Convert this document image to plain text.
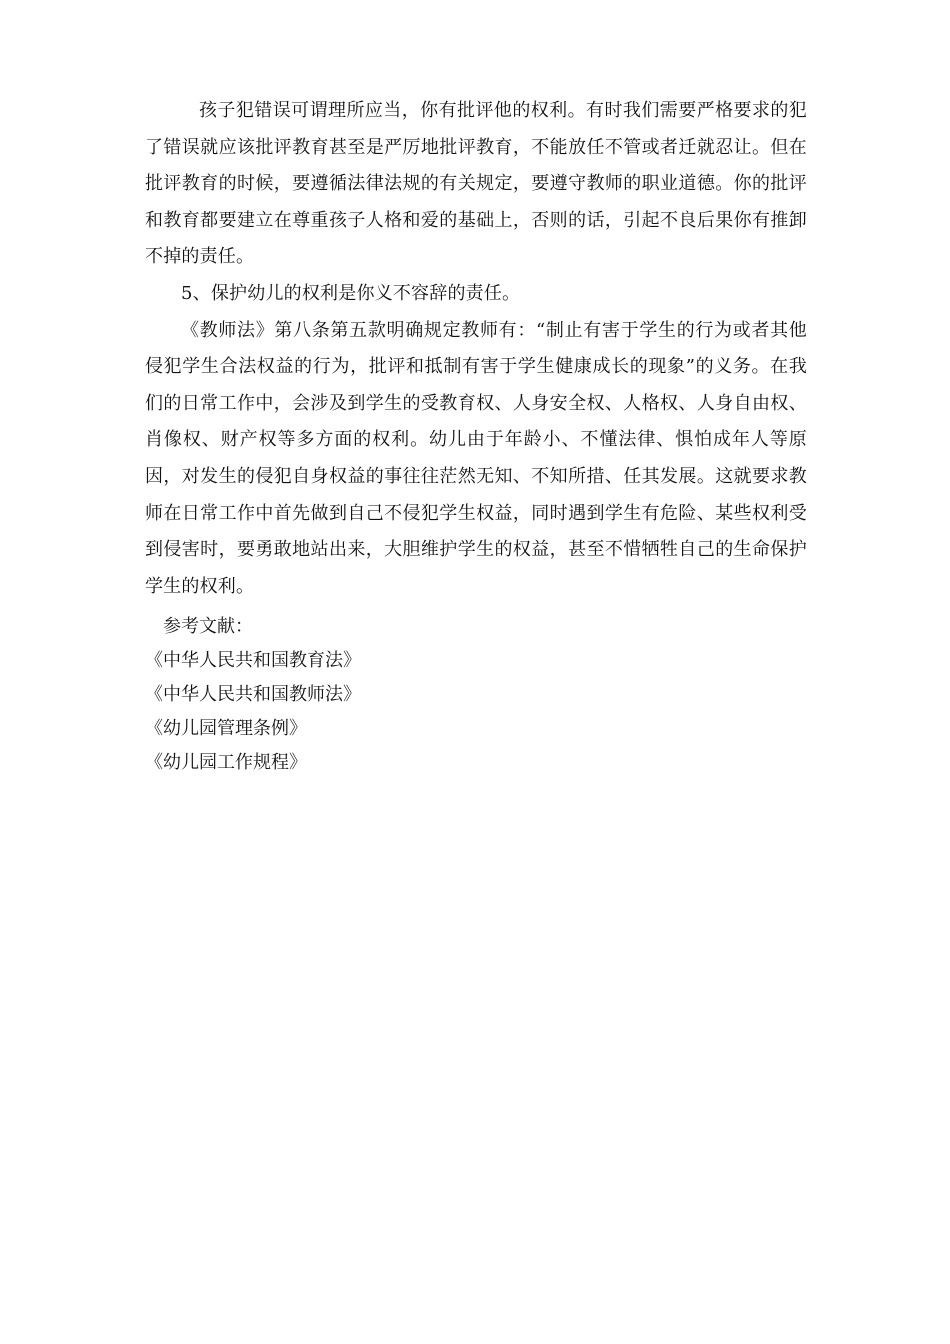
孩子犯错误可谓理所应当，你有批评他的权利。有时我们需要严格要求的犯了错误就应该批评教育甚至是严厉地批评教育，不能放任不管或者迁就忍让。但在批评教育的时候，要遵循法律法规的有关规定，要遵守教师的职业道德。你的批评和教育都要建立在尊重孩子人格和爱的基础上，否则的话，引起不良后果你有推卸不掉的责任。

5、保护幼儿的权利是你义不容辞的责任。

《教师法》第八条第五款明确规定教师有：“制止有害于学生的行为或者其他侵犯学生合法权益的行为，批评和抵制有害于学生健康成长的现象”的义务。在我们的日常工作中，会涉及到学生的受教育权、人身安全权、人格权、人身自由权、肖像权、财产权等多方面的权利。幼儿由于年龄小、不懂法律、惧怕成年人等原因，对发生的侵犯自身权益的事往往茫然无知、不知所措、任其发展。这就要求教师在日常工作中首先做到自己不侵犯学生权益，同时遇到学生有危险、某些权利受到侵害时，要勇敢地站出来，大胆维护学生的权益，甚至不惜牺牲自己的生命保护学生的权利。

参考文献：

《中华人民共和国教育法》

《中华人民共和国教师法》

《幼儿园管理条例》

《幼儿园工作规程》
